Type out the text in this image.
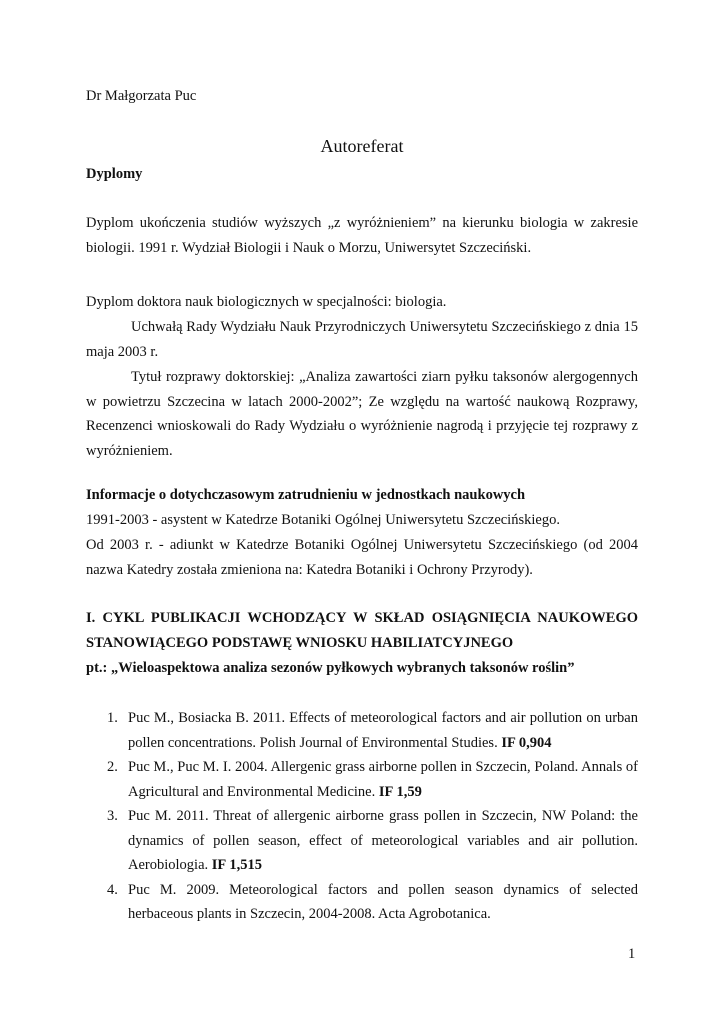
Dr Małgorzata Puc
Autoreferat
Dyplomy
Dyplom ukończenia studiów wyższych „z wyróżnieniem” na kierunku biologia w zakresie biologii. 1991 r. Wydział Biologii i Nauk o Morzu, Uniwersytet Szczeciński.
Dyplom doktora nauk biologicznych w specjalności: biologia.
Uchwałą Rady Wydziału Nauk Przyrodniczych Uniwersytetu Szczecińskiego z dnia 15 maja 2003 r.
Tytuł rozprawy doktorskiej: „Analiza zawartości ziarn pyłku taksonów alergogennych w powietrzu Szczecina w latach 2000-2002”; Ze względu na wartość naukową Rozprawy, Recenzenci wnioskowali do Rady Wydziału o wyróżnienie nagrodą i przyjęcie tej rozprawy z wyróżnieniem.
Informacje o dotychczasowym zatrudnieniu w jednostkach naukowych
1991-2003 - asystent w Katedrze Botaniki Ogólnej Uniwersytetu Szczecińskiego.
Od 2003 r. - adiunkt w Katedrze Botaniki Ogólnej Uniwersytetu Szczecińskiego (od 2004 nazwa Katedry została zmieniona na: Katedra Botaniki i Ochrony Przyrody).
I. CYKL PUBLIKACJI WCHODZĄCY W SKŁAD OSIĄGNIĘCIA NAUKOWEGO STANOWIĄCEGO PODSTAWĘ WNIOSKU HABILIATCYJNEGO
pt.: „Wieloaspektowa analiza sezonów pyłkowych wybranych taksonów roślin”
1. Puc M., Bosiacka B. 2011. Effects of meteorological factors and air pollution on urban pollen concentrations. Polish Journal of Environmental Studies. IF 0,904
2. Puc M., Puc M. I. 2004. Allergenic grass airborne pollen in Szczecin, Poland. Annals of Agricultural and Environmental Medicine. IF 1,59
3. Puc M. 2011. Threat of allergenic airborne grass pollen in Szczecin, NW Poland: the dynamics of pollen season, effect of meteorological variables and air pollution. Aerobiologia. IF 1,515
4. Puc M. 2009. Meteorological factors and pollen season dynamics of selected herbaceous plants in Szczecin, 2004-2008. Acta Agrobotanica.
1
